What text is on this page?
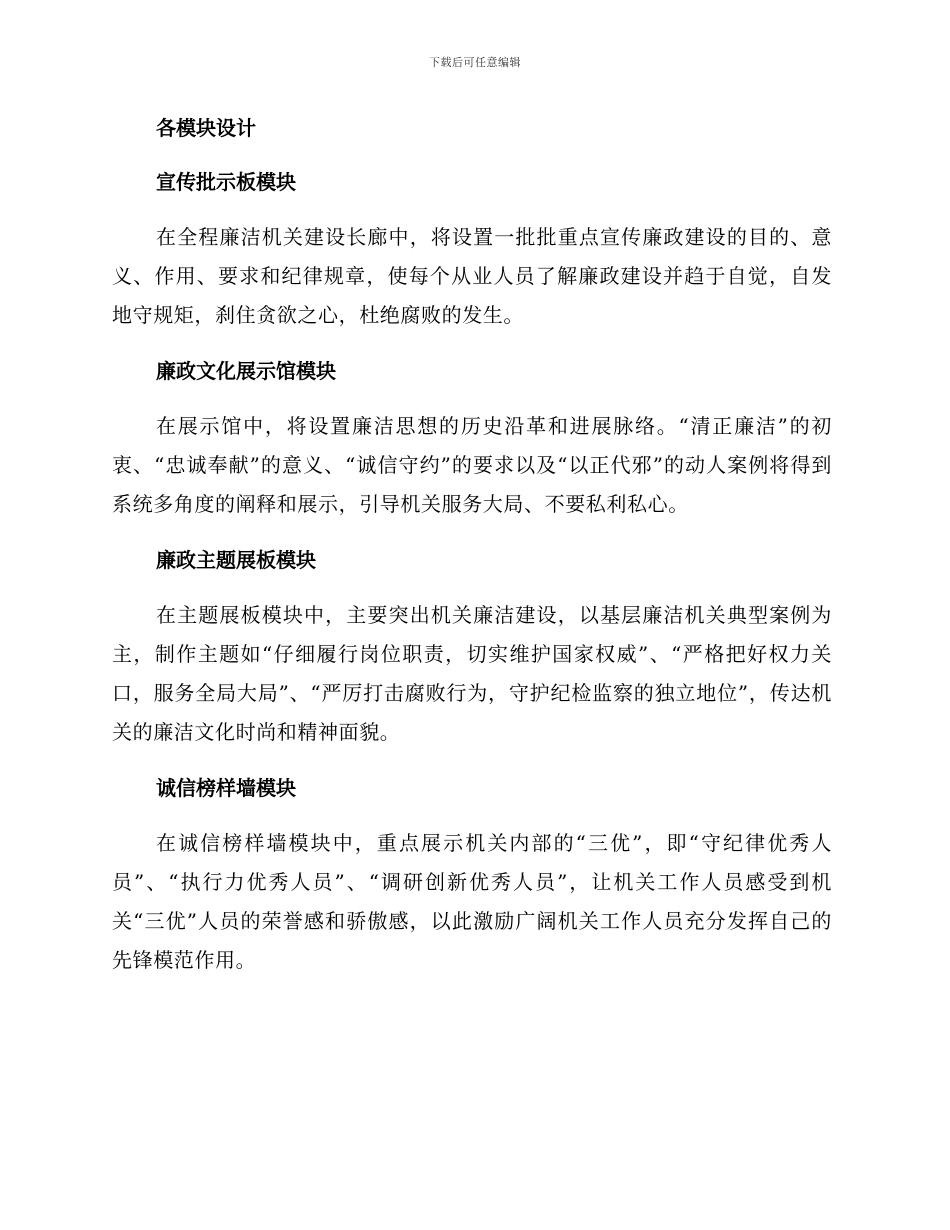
下载后可任意编辑
各模块设计
宣传批示板模块

在全程廉洁机关建设长廊中，将设置一批批重点宣传廉政建设的目的、意义、作用、要求和纪律规章，使每个从业人员了解廉政建设并趋于自觉，自发地守规矩，刹住贪欲之心，杜绝腐败的发生。

廉政文化展示馆模块

在展示馆中，将设置廉洁思想的历史沿革和进展脉络。“清正廉洁”的初衷、“忠诚奉献”的意义、“诚信守约”的要求以及“以正代邪”的动人案例将得到系统多角度的阐释和展示，引导机关服务大局、不要私利私心。

廉政主题展板模块

在主题展板模块中，主要突出机关廉洁建设，以基层廉洁机关典型案例为主，制作主题如“仔细履行岗位职责，切实维护国家权威”、“严格把好权力关口，服务全局大局”、“严厉打击腐败行为，守护纪检监察的独立地位”，传达机关的廉洁文化时尚和精神面貌。

诚信榜样墙模块

在诚信榜样墙模块中，重点展示机关内部的“三优”，即“守纪律优秀人员”、“执行力优秀人员”、“调研创新优秀人员”，让机关工作人员感受到机关“三优”人员的荣誉感和骄傲感，以此激励广阔机关工作人员充分发挥自己的先锋模范作用。
